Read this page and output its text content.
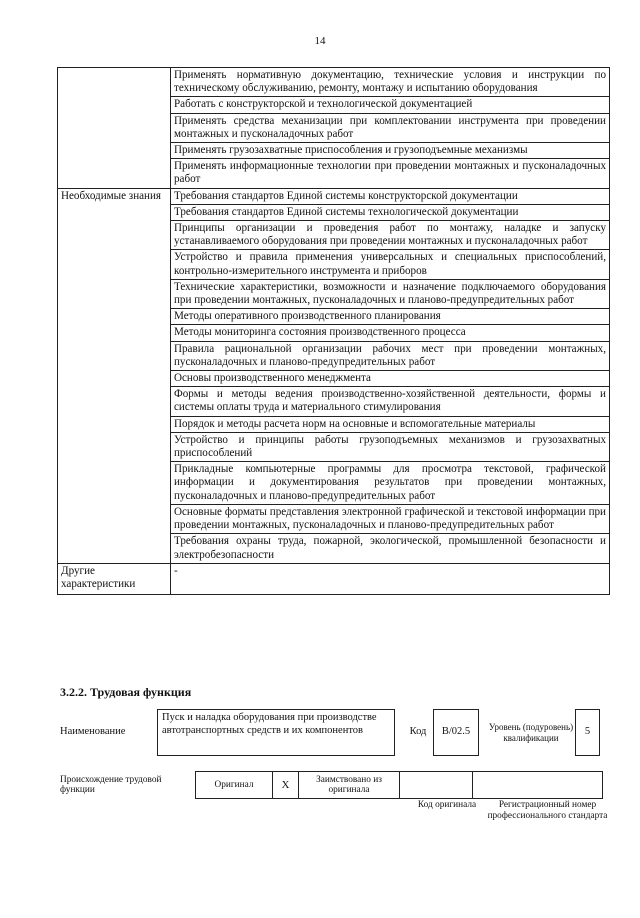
14
	Применять нормативную документацию, технические условия и инструкции по техническому обслуживанию, ремонту, монтажу и испытанию оборудования
	Работать с конструкторской и технологической документацией
	Применять средства механизации при комплектовании инструмента при проведении монтажных и пусконаладочных работ
	Применять грузозахватные приспособления и грузоподъемные механизмы
	Применять информационные технологии при проведении монтажных и пусконаладочных работ
Необходимые знания	Требования стандартов Единой системы конструкторской документации
	Требования стандартов Единой системы технологической документации
	Принципы организации и проведения работ по монтажу, наладке и запуску устанавливаемого оборудования при проведении монтажных и пусконаладочных работ
	Устройство и правила применения универсальных и специальных приспособлений, контрольно-измерительного инструмента и приборов
	Технические характеристики, возможности и назначение подключаемого оборудования при проведении монтажных, пусконаладочных и планово-предупредительных работ
	Методы оперативного производственного планирования
	Методы мониторинга состояния производственного процесса
	Правила рациональной организации рабочих мест при проведении монтажных, пусконаладочных и планово-предупредительных работ
	Основы производственного менеджмента
	Формы и методы ведения производственно-хозяйственной деятельности, формы и системы оплаты труда и материального стимулирования
	Порядок и методы расчета норм на основные и вспомогательные материалы
	Устройство и принципы работы грузоподъемных механизмов и грузозахватных приспособлений
	Прикладные компьютерные программы для просмотра текстовой, графической информации и документирования результатов при проведении монтажных, пусконаладочных и планово-предупредительных работ
	Основные форматы представления электронной графической и текстовой информации при проведении монтажных, пусконаладочных и планово-предупредительных работ
	Требования охраны труда, пожарной, экологической, промышленной безопасности и электробезопасности
Другие характеристики	-
3.2.2. Трудовая функция
Наименование	Пуск и наладка оборудования при производстве автотранспортных средств и их компонентов		Код	B/02.5		Уровень (подуровень) квалификации	5
Происхождение трудовой функции	Оригинал	X	Заимствовано из оригинала		
Код оригинала	Регистрационный номер профессионального стандарта
